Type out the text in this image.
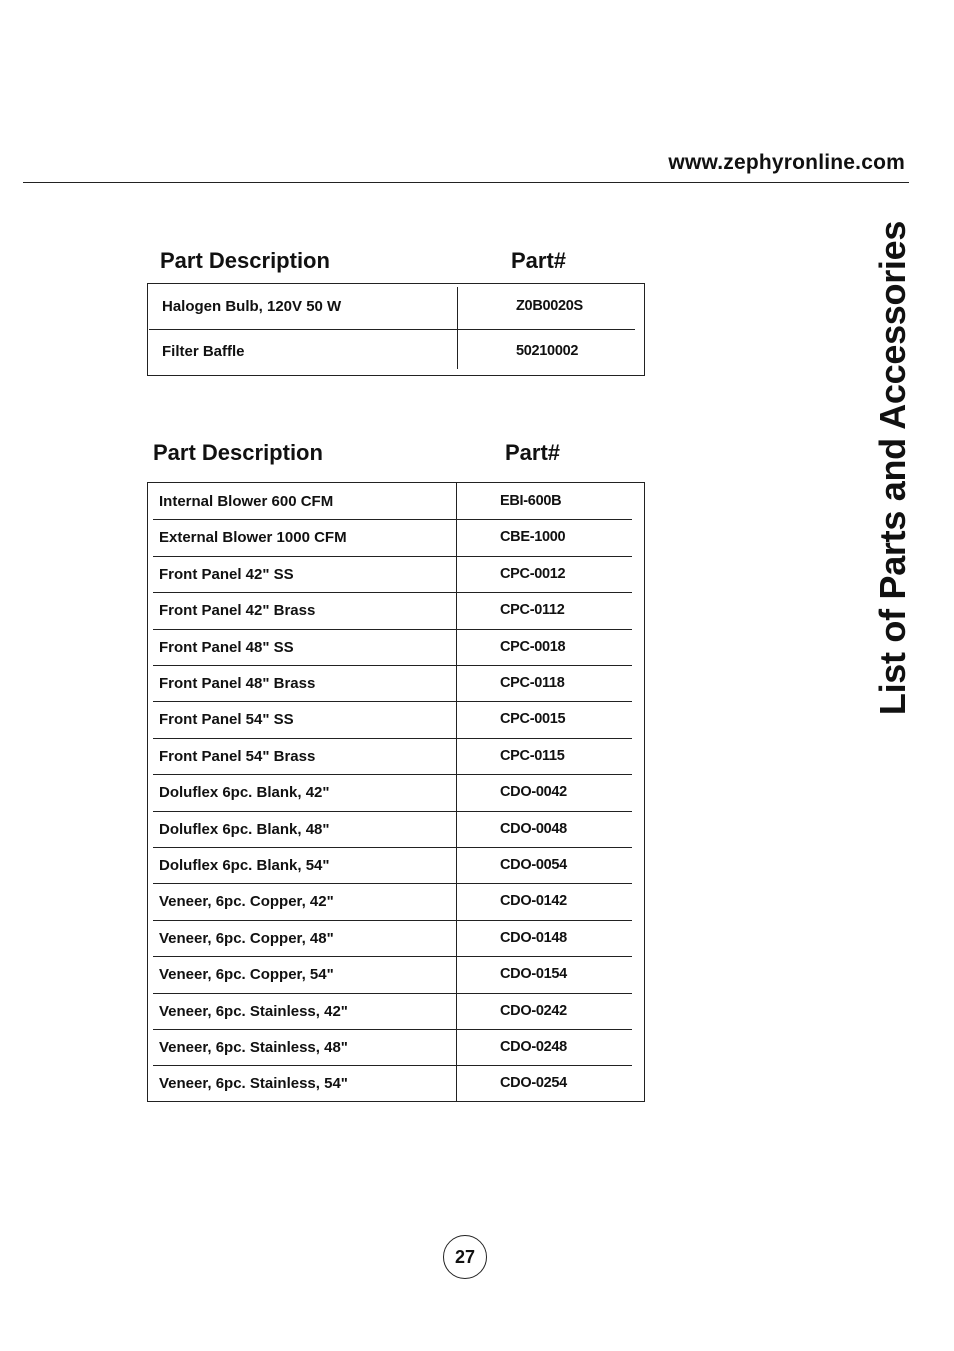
www.zephyronline.com
List of Parts and Accessories
Part Description	Part#
Halogen Bulb, 120V 50 W	Z0B0020S
Filter Baffle	50210002
Part Description	Part#
Internal Blower 600 CFM	EBI-600B
External Blower 1000 CFM	CBE-1000
Front Panel 42" SS	CPC-0012
Front Panel 42" Brass	CPC-0112
Front Panel 48" SS	CPC-0018
Front Panel 48" Brass	CPC-0118
Front Panel 54" SS	CPC-0015
Front Panel 54" Brass	CPC-0115
Doluflex 6pc. Blank, 42"	CDO-0042
Doluflex 6pc. Blank, 48"	CDO-0048
Doluflex 6pc. Blank, 54"	CDO-0054
Veneer, 6pc. Copper, 42"	CDO-0142
Veneer, 6pc. Copper, 48"	CDO-0148
Veneer, 6pc. Copper, 54"	CDO-0154
Veneer, 6pc. Stainless, 42"	CDO-0242
Veneer, 6pc. Stainless, 48"	CDO-0248
Veneer, 6pc. Stainless, 54"	CDO-0254
27
